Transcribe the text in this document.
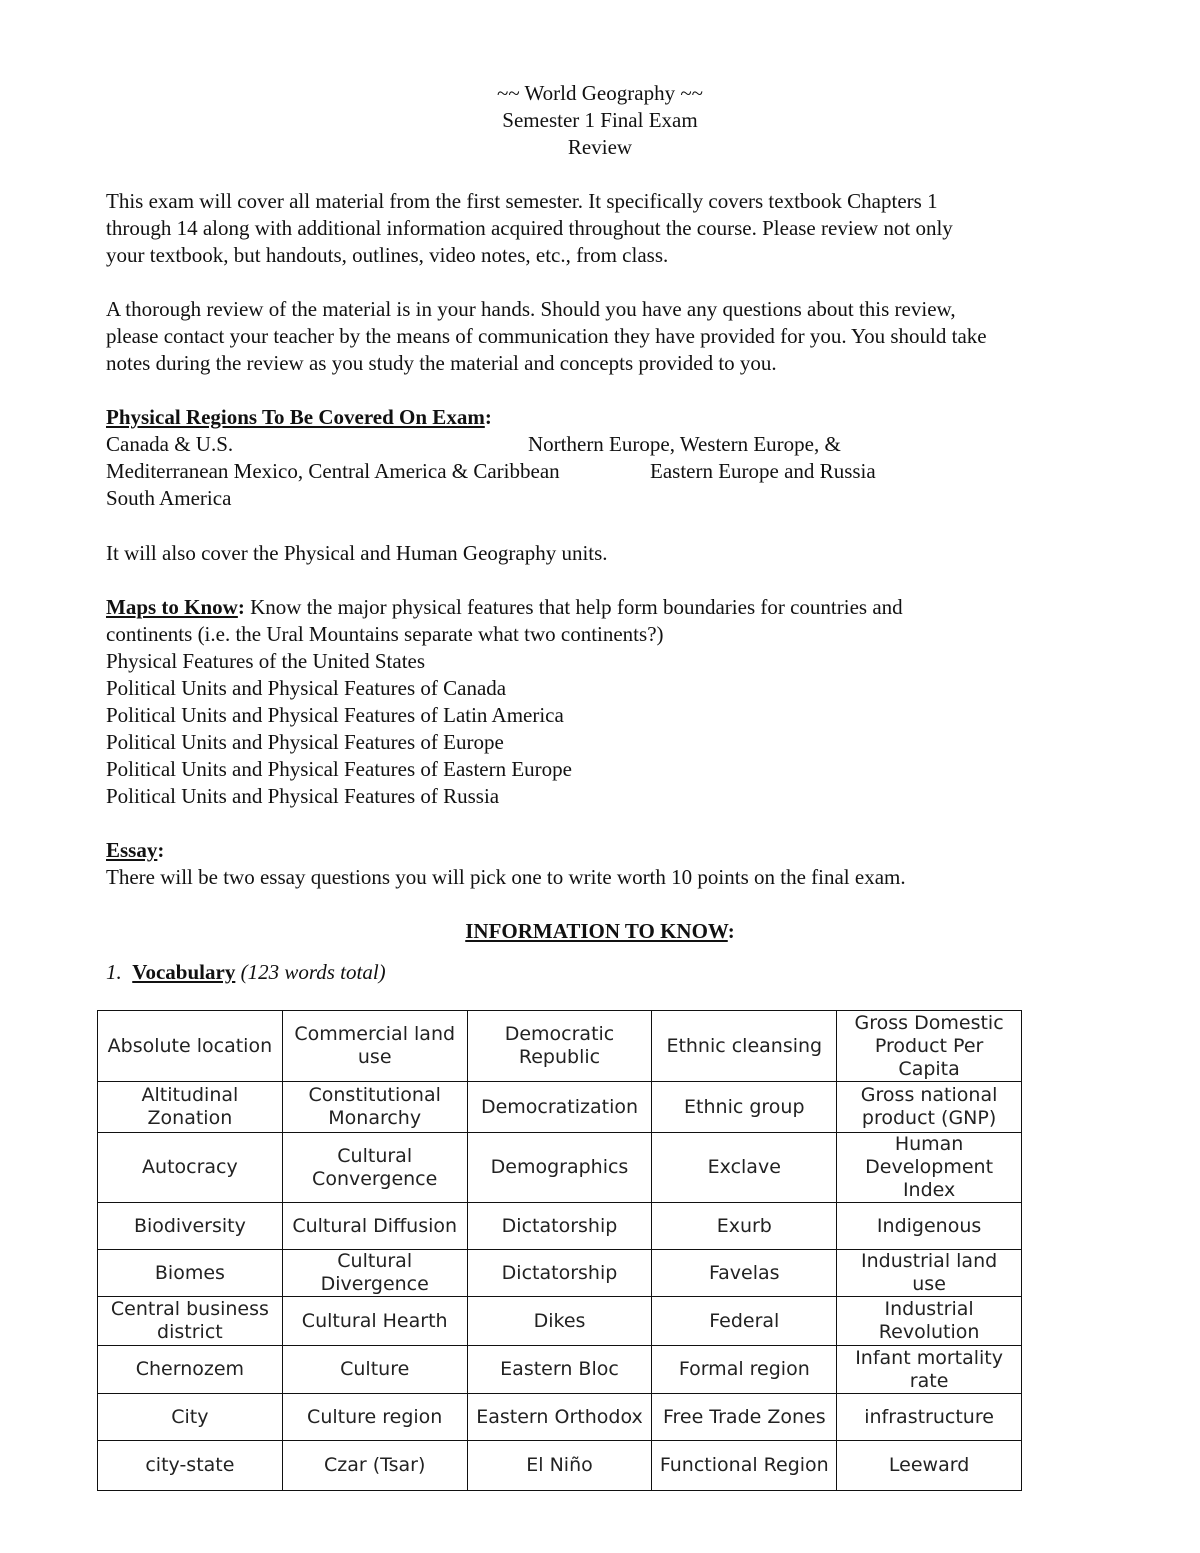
~~ World Geography ~~
Semester 1 Final Exam
Review
This exam will cover all material from the first semester. It specifically covers textbook Chapters 1
through 14 along with additional information acquired throughout the course. Please review not only
your textbook, but handouts, outlines, video notes, etc., from class.
A thorough review of the material is in your hands. Should you have any questions about this review,
please contact your teacher by the means of communication they have provided for you. You should take
notes during the review as you study the material and concepts provided to you.
Physical Regions To Be Covered On Exam:
Canada & U.S.	Northern Europe, Western Europe, &
Mediterranean Mexico, Central America & Caribbean	Eastern Europe and Russia
South America
It will also cover the Physical and Human Geography units.
Maps to Know: Know the major physical features that help form boundaries for countries and
continents (i.e. the Ural Mountains separate what two continents?)
Physical Features of the United States
Political Units and Physical Features of Canada
Political Units and Physical Features of Latin America
Political Units and Physical Features of Europe
Political Units and Physical Features of Eastern Europe
Political Units and Physical Features of Russia
Essay:
There will be two essay questions you will pick one to write worth 10 points on the final exam.
INFORMATION TO KNOW:
1. Vocabulary (123 words total)
Absolute location	Commercial land use	Democratic Republic	Ethnic cleansing	Gross Domestic Product Per Capita
Altitudinal Zonation	Constitutional Monarchy	Democratization	Ethnic group	Gross national product (GNP)
Autocracy	Cultural Convergence	Demographics	Exclave	Human Development Index
Biodiversity	Cultural Diffusion	Dictatorship	Exurb	Indigenous
Biomes	Cultural Divergence	Dictatorship	Favelas	Industrial land use
Central business district	Cultural Hearth	Dikes	Federal	Industrial Revolution
Chernozem	Culture	Eastern Bloc	Formal region	Infant mortality rate
City	Culture region	Eastern Orthodox	Free Trade Zones	infrastructure
city-state	Czar (Tsar)	El Niño	Functional Region	Leeward
